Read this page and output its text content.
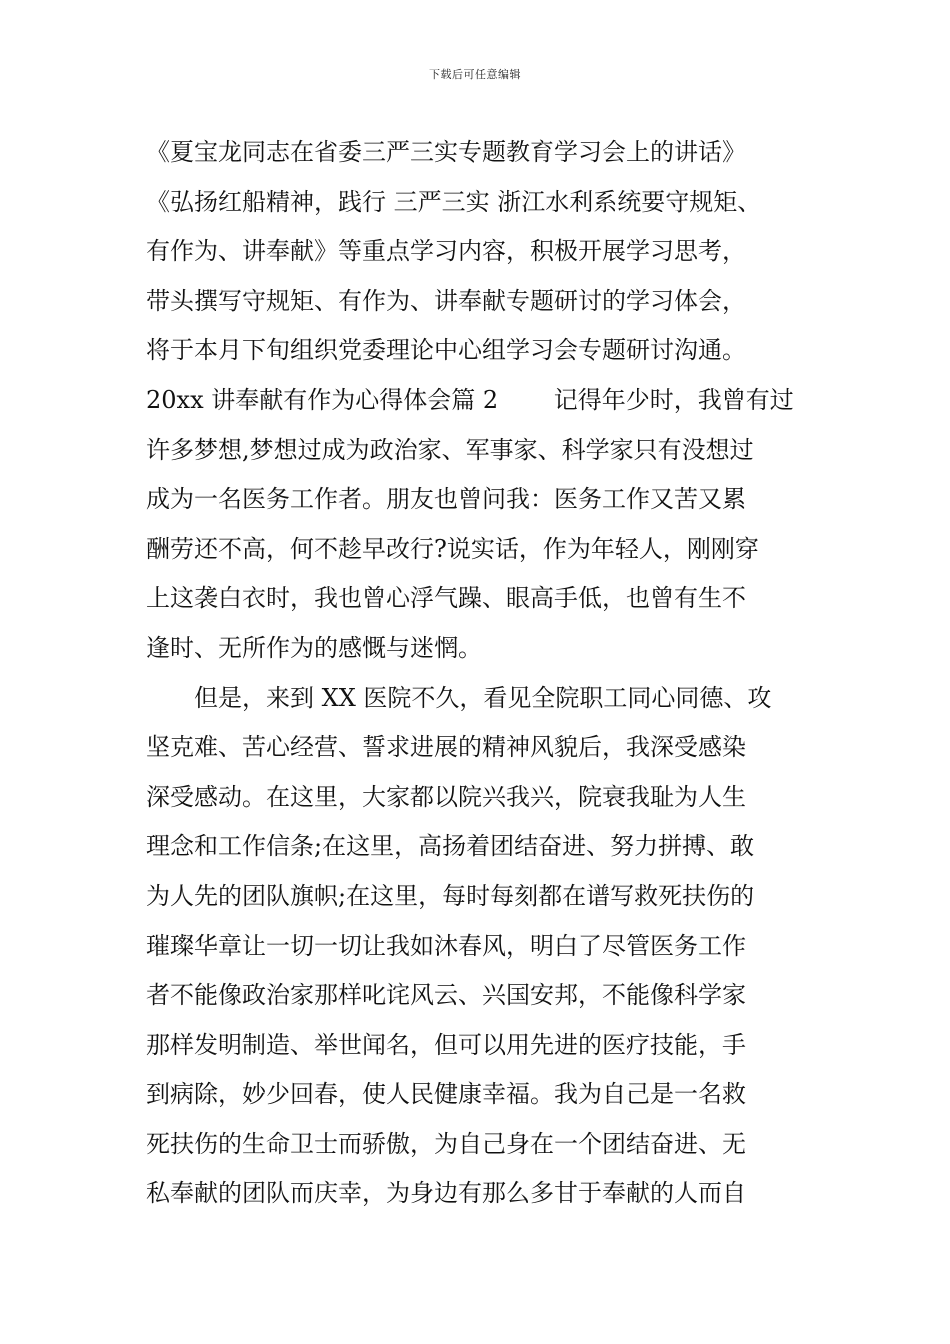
下载后可任意编辑
《夏宝龙同志在省委三严三实专题教育学习会上的讲话》
《弘扬红船精神，践行 三严三实 浙江水利系统要守规矩、
有作为、讲奉献》等重点学习内容，积极开展学习思考，
带头撰写守规矩、有作为、讲奉献专题研讨的学习体会，
将于本月下旬组织党委理论中心组学习会专题研讨沟通。
20xx 讲奉献有作为心得体会篇 2 　　记得年少时，我曾有过
许多梦想,梦想过成为政治家、军事家、科学家只有没想过
成为一名医务工作者。朋友也曾问我：医务工作又苦又累
酬劳还不高，何不趁早改行?说实话，作为年轻人，刚刚穿
上这袭白衣时，我也曾心浮气躁、眼高手低，也曾有生不
逢时、无所作为的感慨与迷惘。
但是，来到 XX 医院不久，看见全院职工同心同德、攻
坚克难、苦心经营、誓求进展的精神风貌后，我深受感染
深受感动。在这里，大家都以院兴我兴，院衰我耻为人生
理念和工作信条;在这里，高扬着团结奋进、努力拼搏、敢
为人先的团队旗帜;在这里，每时每刻都在谱写救死扶伤的
璀璨华章让一切一切让我如沐春风，明白了尽管医务工作
者不能像政治家那样叱诧风云、兴国安邦，不能像科学家
那样发明制造、举世闻名，但可以用先进的医疗技能，手
到病除，妙少回春，使人民健康幸福。我为自己是一名救
死扶伤的生命卫士而骄傲，为自己身在一个团结奋进、无
私奉献的团队而庆幸，为身边有那么多甘于奉献的人而自
